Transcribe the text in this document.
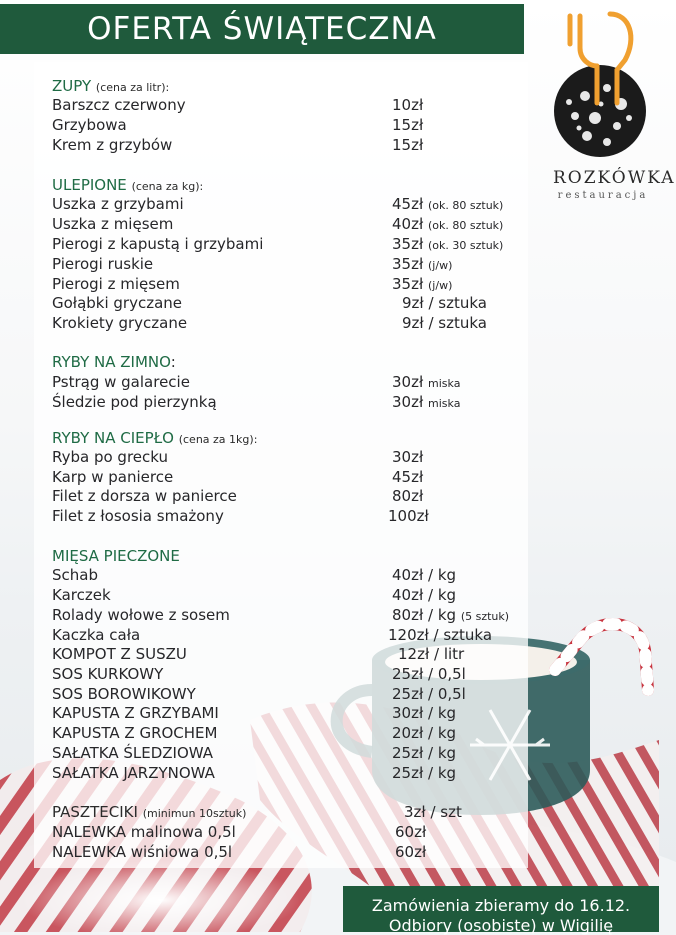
OFERTA ŚWIĄTECZNA
ROZKÓWKA
restauracja
ZUPY (cena za litr):
Barszcz czerwony	10zł
Grzybowa	15zł
Krem z grzybów	15zł
ULEPIONE (cena za kg):
Uszka z grzybami	45zł (ok. 80 sztuk)
Uszka z mięsem	40zł (ok. 80 sztuk)
Pierogi z kapustą i grzybami	35zł (ok. 30 sztuk)
Pierogi ruskie	35zł (j/w)
Pierogi z mięsem	35zł (j/w)
Gołąbki gryczane	9zł / sztuka
Krokiety gryczane	9zł / sztuka
RYBY NA ZIMNO:
Pstrąg w galarecie	30zł miska
Śledzie pod pierzynką	30zł miska
RYBY NA CIEPŁO (cena za 1kg):
Ryba po grecku	30zł
Karp w panierce	45zł
Filet z dorsza w panierce	80zł
Filet z łososia smażony	100zł
MIĘSA PIECZONE
Schab	40zł / kg
Karczek	40zł / kg
Rolady wołowe z sosem	80zł / kg (5 sztuk)
Kaczka cała	120zł / sztuka
KOMPOT Z SUSZU	12zł / litr
SOS KURKOWY	25zł / 0,5l
SOS BOROWIKOWY	25zł / 0,5l
KAPUSTA Z GRZYBAMI	30zł / kg
KAPUSTA Z GROCHEM	20zł / kg
SAŁATKA ŚLEDZIOWA	25zł / kg
SAŁATKA JARZYNOWA	25zł / kg
PASZTECIKI (minimun 10sztuk)	3zł / szt
NALEWKA malinowa 0,5l	60zł
NALEWKA wiśniowa 0,5l	60zł
Zamówienia zbieramy do 16.12.
Odbiory (osobiste) w Wigilię
